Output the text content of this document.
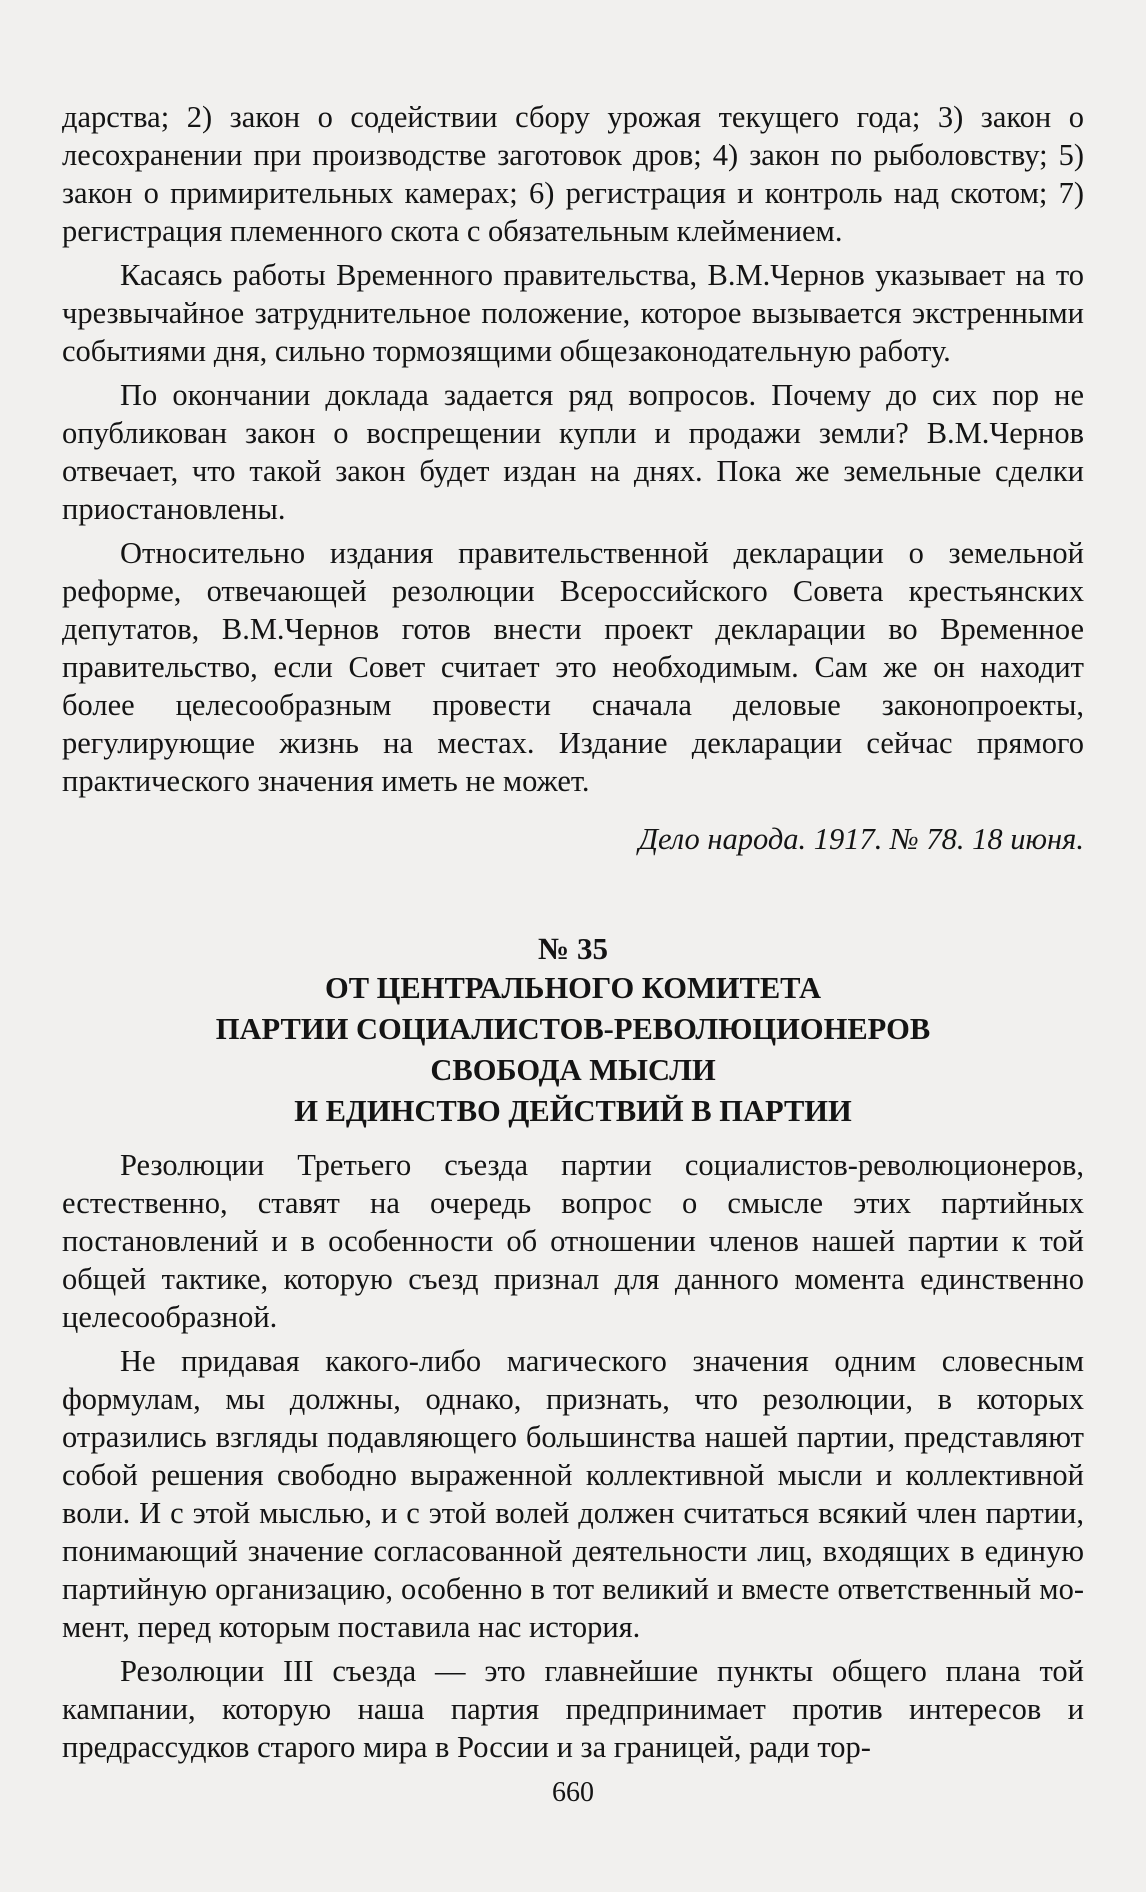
дарства; 2) закон о содействии сбору урожая текущего года; 3) закон о лесохранении при производстве заготовок дров; 4) закон по рыболовству; 5) закон о примирительных камерах; 6) регистрация и контроль над скотом; 7) регистрация племенного скота с обязательным клеймением.

Касаясь работы Временного правительства, В.М.Чернов указывает на то чрезвычайное затруднительное положение, которое вызывается экстренными событиями дня, сильно тормозящими общезаконодательную работу.

По окончании доклада задается ряд вопросов. Почему до сих пор не опубликован закон о воспрещении купли и продажи земли? В.М.Чернов отвечает, что такой закон будет издан на днях. Пока же земельные сделки приостановлены.

Относительно издания правительственной декларации о земельной реформе, отвечающей резолюции Всероссийского Совета крестьянских депутатов, В.М.Чернов готов внести проект декларации во Временное правительство, если Совет считает это необходимым. Сам же он находит более целесообразным провести сначала деловые законопроекты, регулирующие жизнь на местах. Издание декларации сейчас прямого практического значения иметь не может.

Дело народа. 1917. № 78. 18 июня.
№ 35
ОТ ЦЕНТРАЛЬНОГО КОМИТЕТА
ПАРТИИ СОЦИАЛИСТОВ-РЕВОЛЮЦИОНЕРОВ
СВОБОДА МЫСЛИ
И ЕДИНСТВО ДЕЙСТВИЙ В ПАРТИИ

Резолюции Третьего съезда партии социалистов-революционеров, естественно, ставят на очередь вопрос о смысле этих партийных постановлений и в особенности об отношении членов нашей партии к той общей тактике, которую съезд признал для данного момента единственно целесообразной.

Не придавая какого-либо магического значения одним словесным формулам, мы должны, однако, признать, что резолюции, в которых отразились взгляды подавляющего большинства нашей партии, представляют собой решения свободно выраженной коллективной мысли и коллективной воли. И с этой мыслью, и с этой волей должен считаться всякий член партии, понимающий значение согласованной деятельности лиц, входящих в единую партийную организацию, особенно в тот великий и вместе ответственный момент, перед которым поставила нас история.

Резолюции III съезда — это главнейшие пункты общего плана той кампании, которую наша партия предпринимает против интересов и предрассудков старого мира в России и за границей, ради тор-

660
